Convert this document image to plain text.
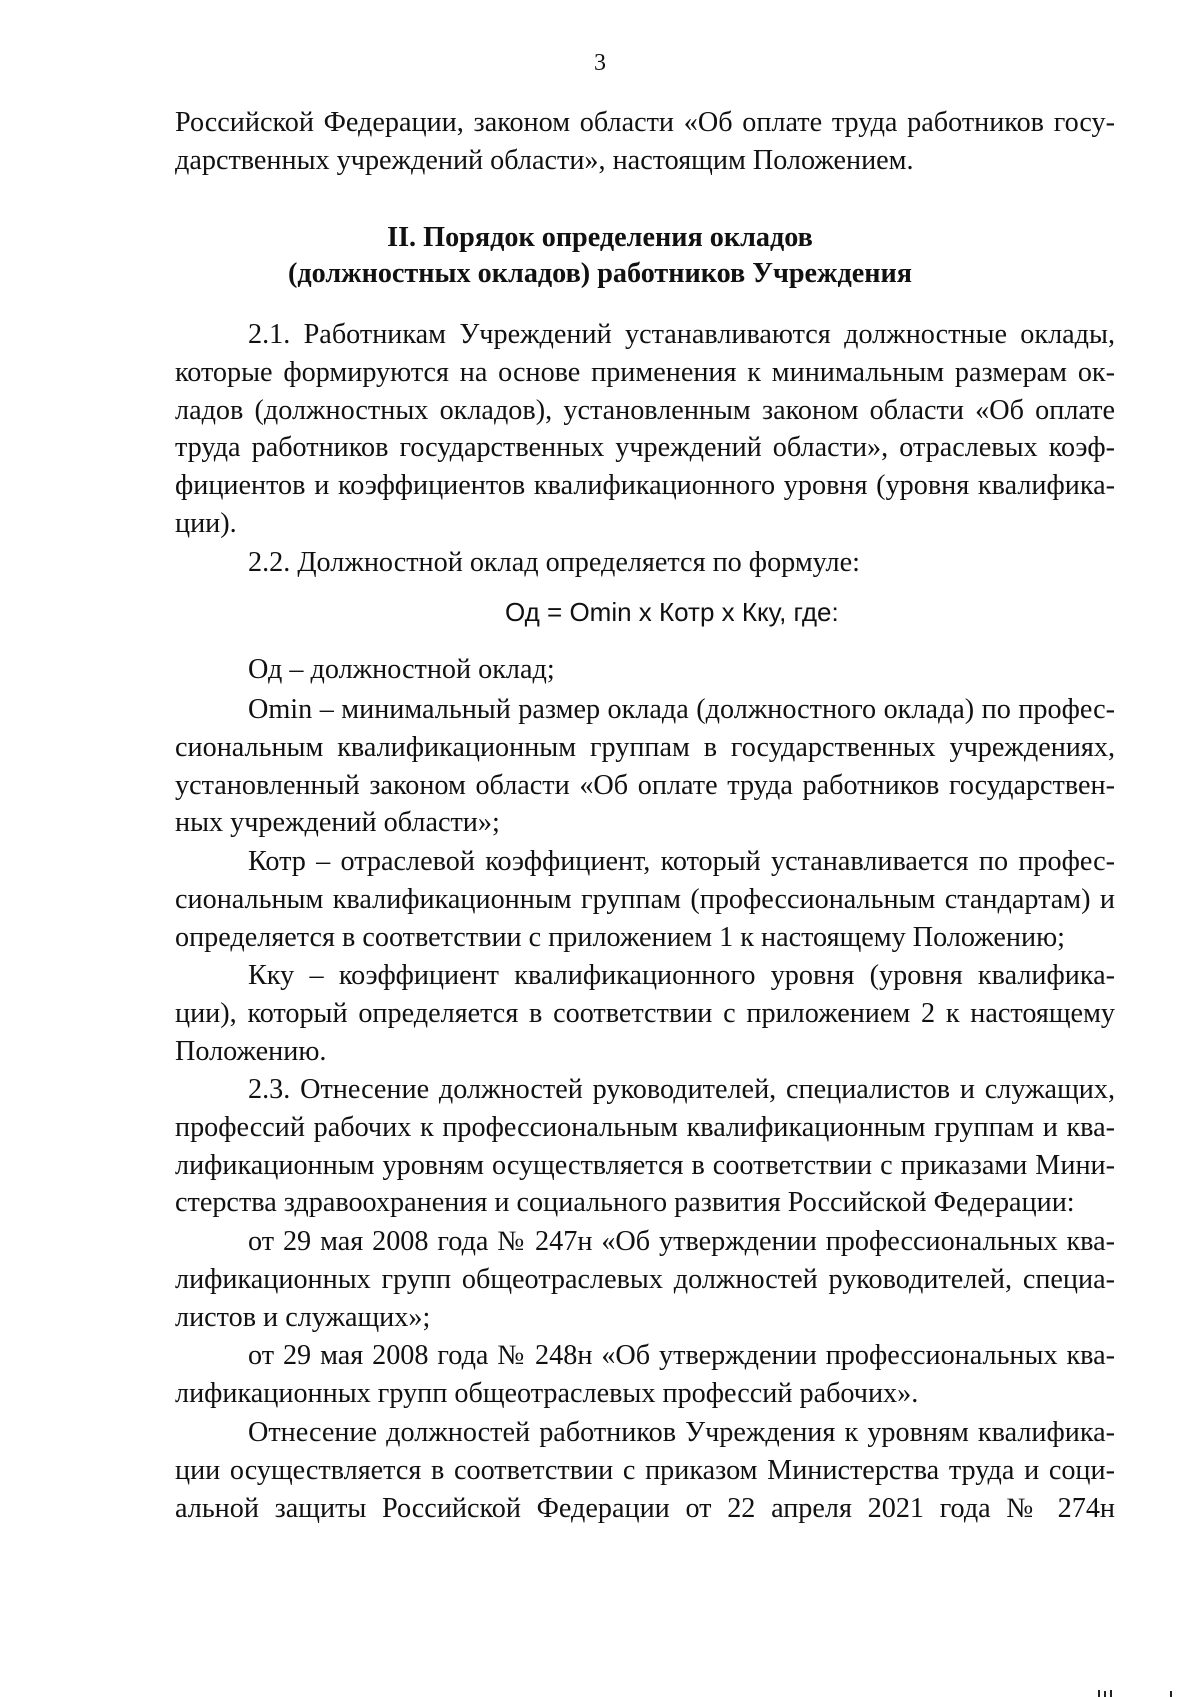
3
Российской Федерации, законом области «Об оплате труда работников госу-
дарственных учреждений области», настоящим Положением.
II. Порядок определения окладов
(должностных окладов) работников Учреждения
2.1. Работникам Учреждений устанавливаются должностные оклады,
которые формируются на основе применения к минимальным размерам ок-
ладов (должностных окладов), установленным законом области «Об оплате
труда работников государственных учреждений области», отраслевых коэф-
фициентов и коэффициентов квалификационного уровня (уровня квалифика-
ции).
2.2. Должностной оклад определяется по формуле:
Од = Omin х Котр х Кку, где:
Од – должностной оклад;
Omin – минимальный размер оклада (должностного оклада) по профес-
сиональным квалификационным группам в государственных учреждениях,
установленный законом области «Об оплате труда работников государствен-
ных учреждений области»;
Котр – отраслевой коэффициент, который устанавливается по профес-
сиональным квалификационным группам (профессиональным стандартам) и
определяется в соответствии с приложением 1 к настоящему Положению;
Кку – коэффициент квалификационного уровня (уровня квалифика-
ции), который определяется в соответствии с приложением 2 к настоящему
Положению.
2.3. Отнесение должностей руководителей, специалистов и служащих,
профессий рабочих к профессиональным квалификационным группам и ква-
лификационным уровням осуществляется в соответствии с приказами Мини-
стерства здравоохранения и социального развития Российской Федерации:
от 29 мая 2008 года № 247н «Об утверждении профессиональных ква-
лификационных групп общеотраслевых должностей руководителей, специа-
листов и служащих»;
от 29 мая 2008 года № 248н «Об утверждении профессиональных ква-
лификационных групп общеотраслевых профессий рабочих».
Отнесение должностей работников Учреждения к уровням квалифика-
ции осуществляется в соответствии с приказом Министерства труда и соци-
альной защиты Российской Федерации от 22 апреля 2021 года № 274н
